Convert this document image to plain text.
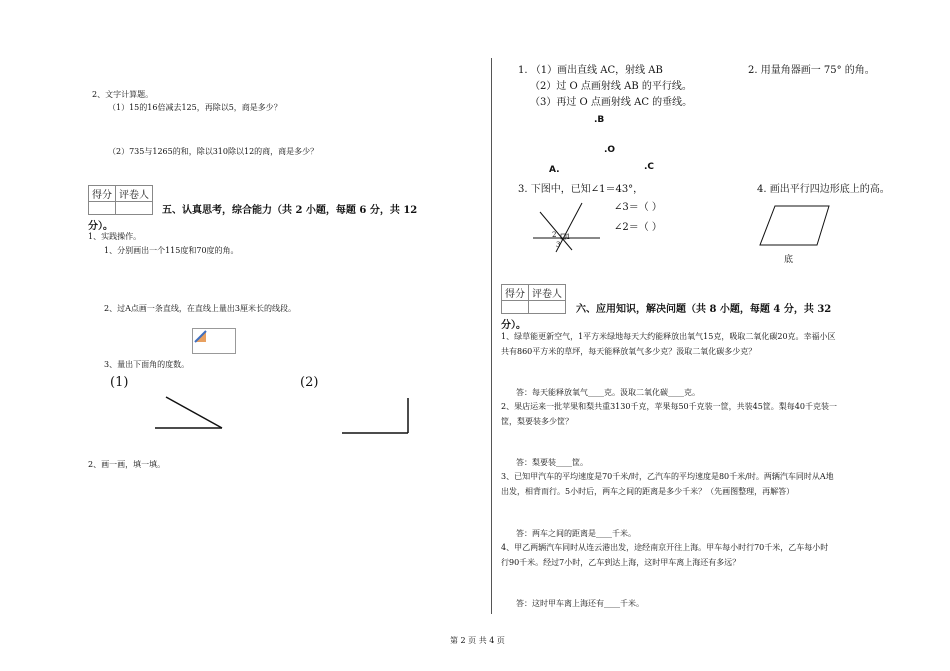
2、文字计算题。
（1）15的16倍减去125，再除以5，商是多少？
（2）735与1265的和，除以310除以12的商，商是多少？
得分	评卷人

五、认真思考，综合能力（共 2 小题，每题 6 分，共 12
分）。
1、实践操作。
1、分别画出一个115度和70度的角。
2、过A点画一条直线，在直线上量出3厘米长的线段。
3、量出下面角的度数。
(1)	(2)
2、画一画，填一填。
1. （1）画出直线 AC，射线 AB
（2）过 O 点画射线 AB 的平行线。
（3）再过 O 点画射线 AC 的垂线。
2. 用量角器画一 75° 的角。
.B
.O
A.	.C
3. 下图中，已知∠1＝43°，
∠3＝（ ）
∠2＝（ ）
4. 画出平行四边形底上的高。
2 1
3
底
得分	评卷人

六、应用知识，解决问题（共 8 小题，每题 4 分，共 32
分）。
1、绿草能更新空气，1平方米绿地每天大约能释放出氧气15克，吸取二氧化碳20克。幸福小区
共有860平方米的草坪，每天能释放氧气多少克？汲取二氧化碳多少克？
答：每天能释放氧气____克。汲取二氧化碳____克。
2、果店运来一批苹果和梨共重3130千克，苹果每50千克装一筐，共装45筐。梨每40千克装一
筐，梨要装多少筐？
答：梨要装____筐。
3、已知甲汽车的平均速度是70千米/时，乙汽车的平均速度是80千米/时。两辆汽车同时从A地
出发，相背而行。5小时后，两车之间的距离是多少千米？（先画图整理，再解答）
答：两车之间的距离是____千米。
4、甲乙两辆汽车同时从连云港出发，途经南京开往上海。甲车每小时行70千米，乙车每小时
行90千米。经过7小时，乙车到达上海，这时甲车离上海还有多远？
答：这时甲车离上海还有____千米。
第 2 页 共 4 页
